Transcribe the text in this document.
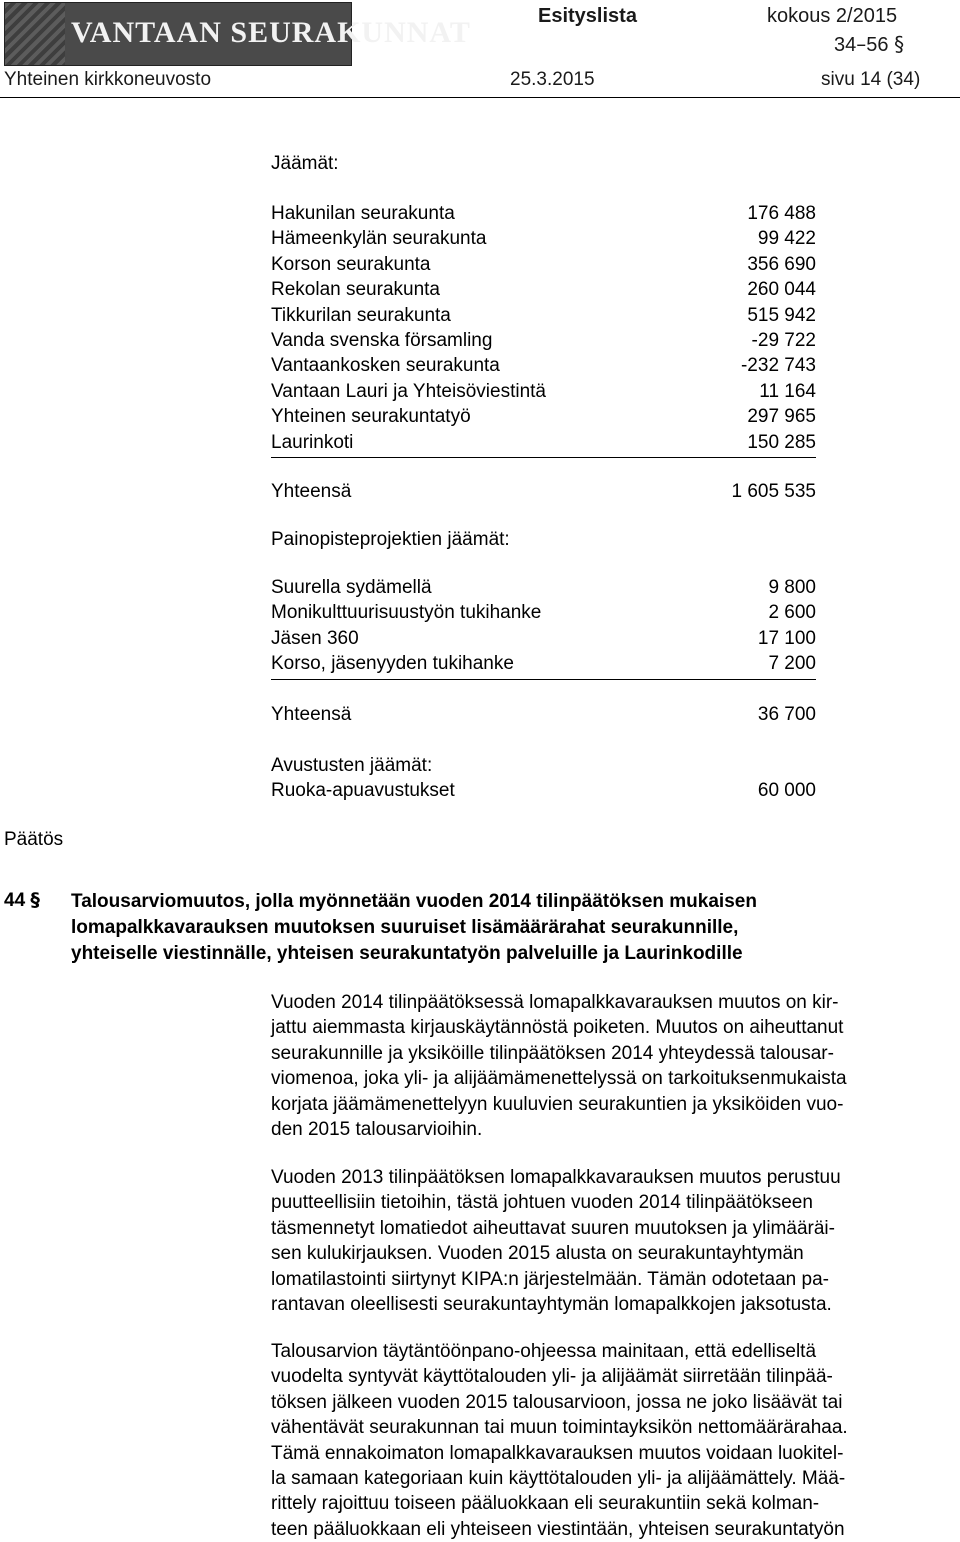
VANTAAN SEURAKUNNAT	Esityslista	kokous 2/2015
34–56 §
Yhteinen kirkkoneuvosto	25.3.2015	sivu 14 (34)
Jäämät:
Hakunilan seurakunta	176 488
Hämeenkylän seurakunta	99 422
Korson seurakunta	356 690
Rekolan seurakunta	260 044
Tikkurilan seurakunta	515 942
Vanda svenska församling	-29 722
Vantaankosken seurakunta	-232 743
Vantaan Lauri ja Yhteisöviestintä	11 164
Yhteinen seurakuntatyö	297 965
Laurinkoti	150 285
Yhteensä	1 605 535
Painopisteprojektien jäämät:
Suurella sydämellä	9 800
Monikulttuurisuustyön tukihanke	2 600
Jäsen 360	17 100
Korso, jäsenyyden tukihanke	7 200
Yhteensä	36 700
Avustusten jäämät:
Ruoka-apuavustukset	60 000
Päätös
44 § Talousarviomuutos, jolla myönnetään vuoden 2014 tilinpäätöksen mukaisen
lomapalkkavarauksen muutoksen suuruiset lisämäärärahat seurakunnille,
yhteiselle viestinnälle, yhteisen seurakuntatyön palveluille ja Laurinkodille
Vuoden 2014 tilinpäätöksessä lomapalkkavarauksen muutos on kir-
jattu aiemmasta kirjauskäytännöstä poiketen. Muutos on aiheuttanut
seurakunnille ja yksiköille tilinpäätöksen 2014 yhteydessä talousar-
viomenoa, joka yli- ja alijäämämenettelyssä on tarkoituksenmukaista
korjata jäämämenettelyyn kuuluvien seurakuntien ja yksiköiden vuo-
den 2015 talousarvioihin.
Vuoden 2013 tilinpäätöksen lomapalkkavarauksen muutos perustuu
puutteellisiin tietoihin, tästä johtuen vuoden 2014 tilinpäätökseen
täsmennetyt lomatiedot aiheuttavat suuren muutoksen ja ylimääräi-
sen kulukirjauksen. Vuoden 2015 alusta on seurakuntayhtymän
lomatilastointi siirtynyt KIPA:n järjestelmään. Tämän odotetaan pa-
rantavan oleellisesti seurakuntayhtymän lomapalkkojen jaksotusta.
Talousarvion täytäntöönpano-ohjeessa mainitaan, että edelliseltä
vuodelta syntyvät käyttötalouden yli- ja alijäämät siirretään tilinpää-
töksen jälkeen vuoden 2015 talousarvioon, jossa ne joko lisäävät tai
vähentävät seurakunnan tai muun toimintayksikön nettomäärärahaa.
Tämä ennakoimaton lomapalkkavarauksen muutos voidaan luokitel-
la samaan kategoriaan kuin käyttötalouden yli- ja alijäämättely. Mää-
rittely rajoittuu toiseen pääluokkaan eli seurakuntiin sekä kolman-
teen pääluokkaan eli yhteiseen viestintään, yhteisen seurakuntatyön
